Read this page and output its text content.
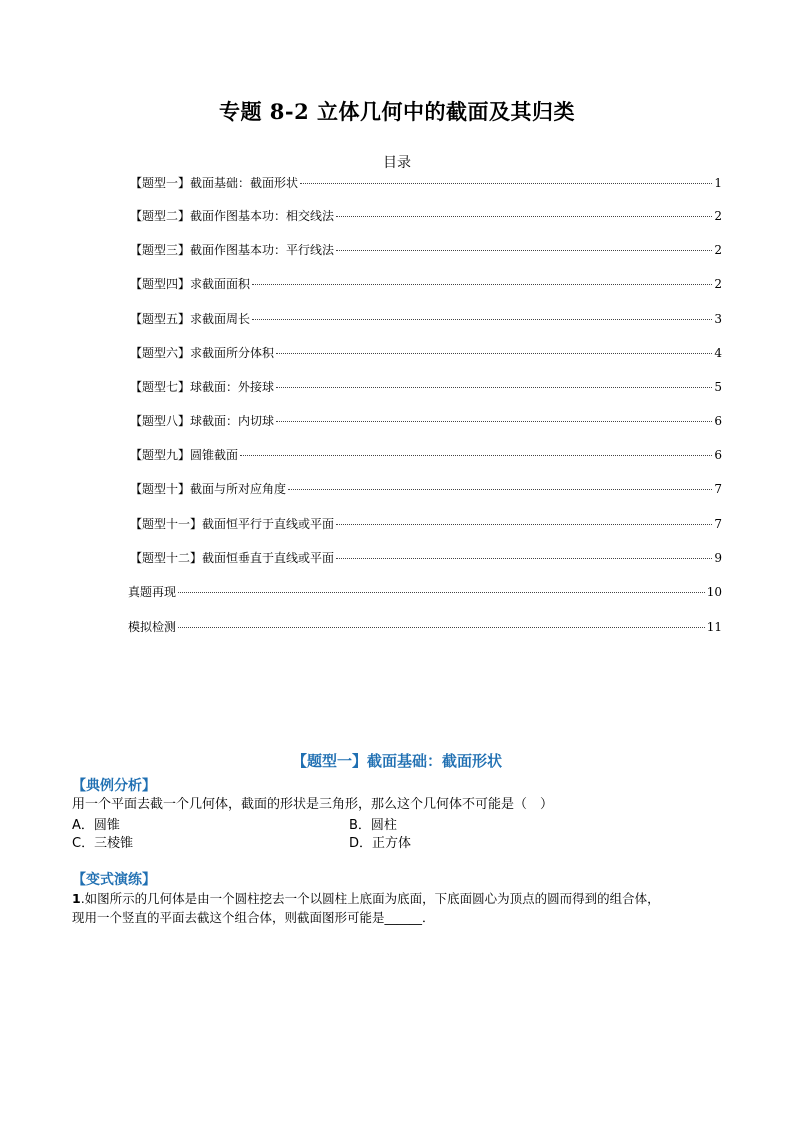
专题 8-2 立体几何中的截面及其归类
目录
【题型一】截面基础：截面形状	1
【题型二】截面作图基本功：相交线法	2
【题型三】截面作图基本功：平行线法	2
【题型四】求截面面积	2
【题型五】求截面周长	3
【题型六】求截面所分体积	4
【题型七】球截面：外接球	5
【题型八】球截面：内切球	6
【题型九】圆锥截面	6
【题型十】截面与所对应角度	7
【题型十一】截面恒平行于直线或平面	7
【题型十二】截面恒垂直于直线或平面	9
真题再现	10
模拟检测	11
【题型一】截面基础：截面形状
【典例分析】
用一个平面去截一个几何体，截面的形状是三角形，那么这个几何体不可能是（　）
A．圆锥	B．圆柱
C．三棱锥	D．正方体
【变式演练】
1.如图所示的几何体是由一个圆柱挖去一个以圆柱上底面为底面，下底面圆心为顶点的圆而得到的组合体，
现用一个竖直的平面去截这个组合体，则截面图形可能是______．
